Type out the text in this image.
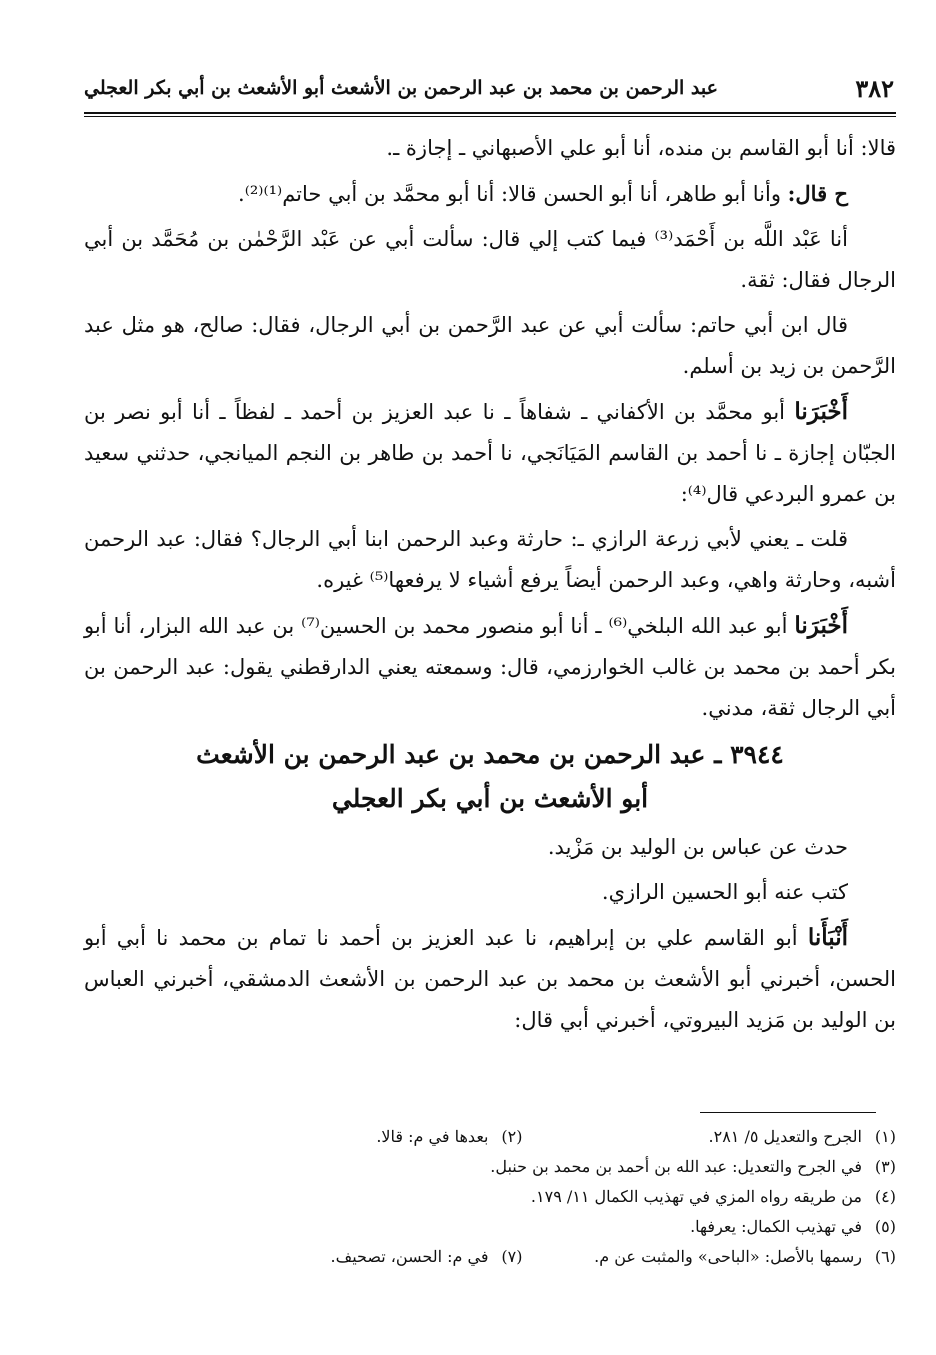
٣٨٢
عبد الرحمن بن محمد بن عبد الرحمن بن الأشعث أبو الأشعث بن أبي بكر العجلي

قالا: أنا أبو القاسم بن منده، أنا أبو علي الأصبهاني ـ إجازة ـ.

ح قال: وأنا أبو طاهر، أنا أبو الحسن قالا: أنا أبو محمَّد بن أبي حاتم⁽¹⁾⁽²⁾.

أنا عَبْد اللَّه بن أَحْمَد⁽³⁾ فيما كتب إلي قال: سألت أبي عن عَبْد الرَّحْمٰن بن مُحَمَّد بن أبي الرجال فقال: ثقة.

قال ابن أبي حاتم: سألت أبي عن عبد الرَّحمن بن أبي الرجال، فقال: صالح، هو مثل عبد الرَّحمن بن زيد بن أسلم.

أَخْبَرَنا أبو محمَّد بن الأكفاني ـ شفاهاً ـ نا عبد العزيز بن أحمد ـ لفظاً ـ أنا أبو نصر بن الجبّان إجازة ـ نا أحمد بن القاسم المَيَانَجي، نا أحمد بن طاهر بن النجم الميانجي، حدثني سعيد بن عمرو البردعي قال⁽⁴⁾:

قلت ـ يعني لأبي زرعة الرازي ـ: حارثة وعبد الرحمن ابنا أبي الرجال؟ فقال: عبد الرحمن أشبه، وحارثة واهي، وعبد الرحمن أيضاً يرفع أشياء لا يرفعها⁽⁵⁾ غيره.

أَخْبَرَنا أبو عبد الله البلخي⁽⁶⁾ ـ أنا أبو منصور محمد بن الحسين⁽⁷⁾ بن عبد الله البزار، أنا أبو بكر أحمد بن محمد بن غالب الخوارزمي، قال: وسمعته يعني الدارقطني يقول: عبد الرحمن بن أبي الرجال ثقة، مدني.

٣٩٤٤ ـ عبد الرحمن بن محمد بن عبد الرحمن بن الأشعث
أبو الأشعث بن أبي بكر العجلي

حدث عن عباس بن الوليد بن مَزْيد.

كتب عنه أبو الحسين الرازي.

أَنْبَأَنا أبو القاسم علي بن إبراهيم، نا عبد العزيز بن أحمد نا تمام بن محمد نا أبي أبو الحسن، أخبرني أبو الأشعث بن محمد بن عبد الرحمن بن الأشعث الدمشقي، أخبرني العباس بن الوليد بن مَزيد البيروتي، أخبرني أبي قال:

(١)الجرح والتعديل ٥/ ٢٨١.
(٢)بعدها في م: قالا.
(٣)في الجرح والتعديل: عبد الله بن أحمد بن محمد بن حنبل.
(٤)من طريقه رواه المزي في تهذيب الكمال ١١/ ١٧٩.
(٥)في تهذيب الكمال: يعرفها.
(٦)رسمها بالأصل: «الباحى» والمثبت عن م.
(٧)في م: الحسن، تصحيف.
